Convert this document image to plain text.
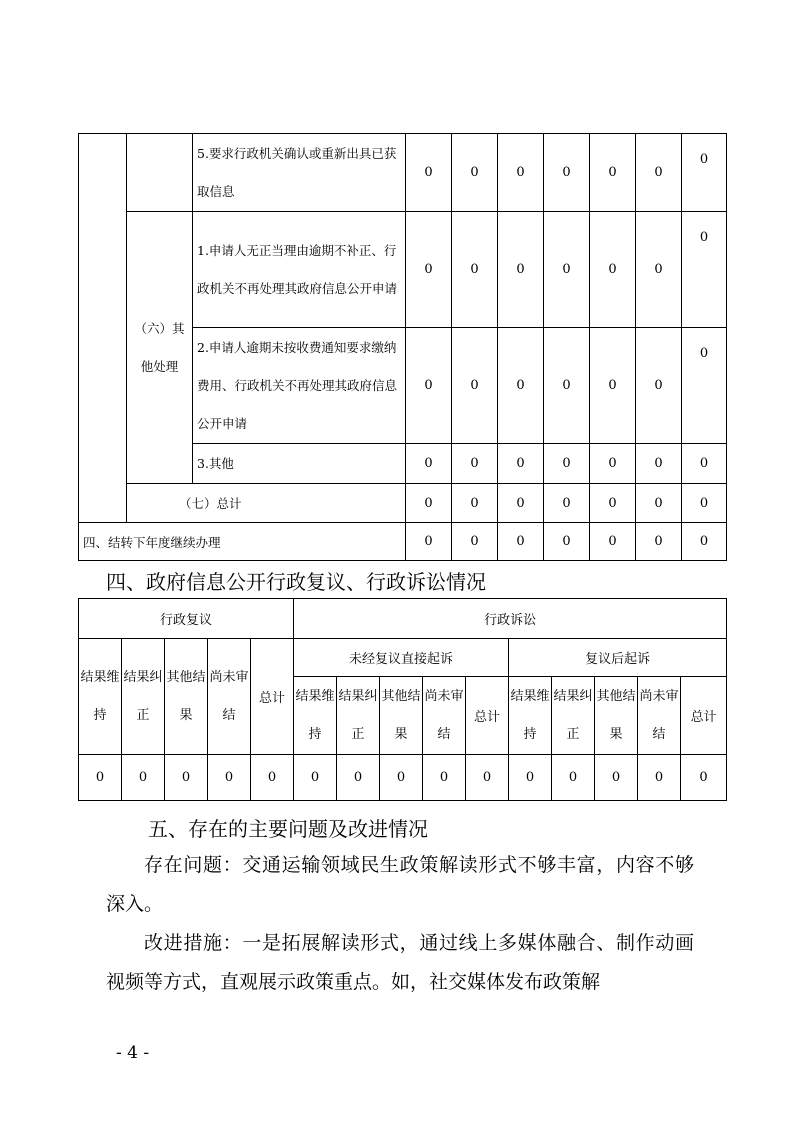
		5.要求行政机关确认或重新出具已获取信息	0	0	0	0	0	0	0
	（六）其他处理	1.申请人无正当理由逾期不补正、行政机关不再处理其政府信息公开申请	0	0	0	0	0	0	0
		2.申请人逾期未按收费通知要求缴纳费用、行政机关不再处理其政府信息公开申请	0	0	0	0	0	0	0
		3.其他	0	0	0	0	0	0	0
	（七）总计		0	0	0	0	0	0	0

四、结转下年度继续办理			0	0	0	0	0	0	0
四、政府信息公开行政复议、行政诉讼情况
行政复议					行政诉讼									
结果维持	结果纠正	其他结果	尚未审结	总计	未经复议直接起诉					复议后起诉				
					结果维持	结果纠正	其他结果	尚未审结	总计	结果维持	结果纠正	其他结果	尚未审结	总计
0	0	0	0	0	0	0	0	0	0	0	0	0	0	0
五、存在的主要问题及改进情况

存在问题：交通运输领域民生政策解读形式不够丰富，内容不够深入。

改进措施：一是拓展解读形式，通过线上多媒体融合、制作动画视频等方式，直观展示政策重点。如，社交媒体发布政策解

- 4 -
